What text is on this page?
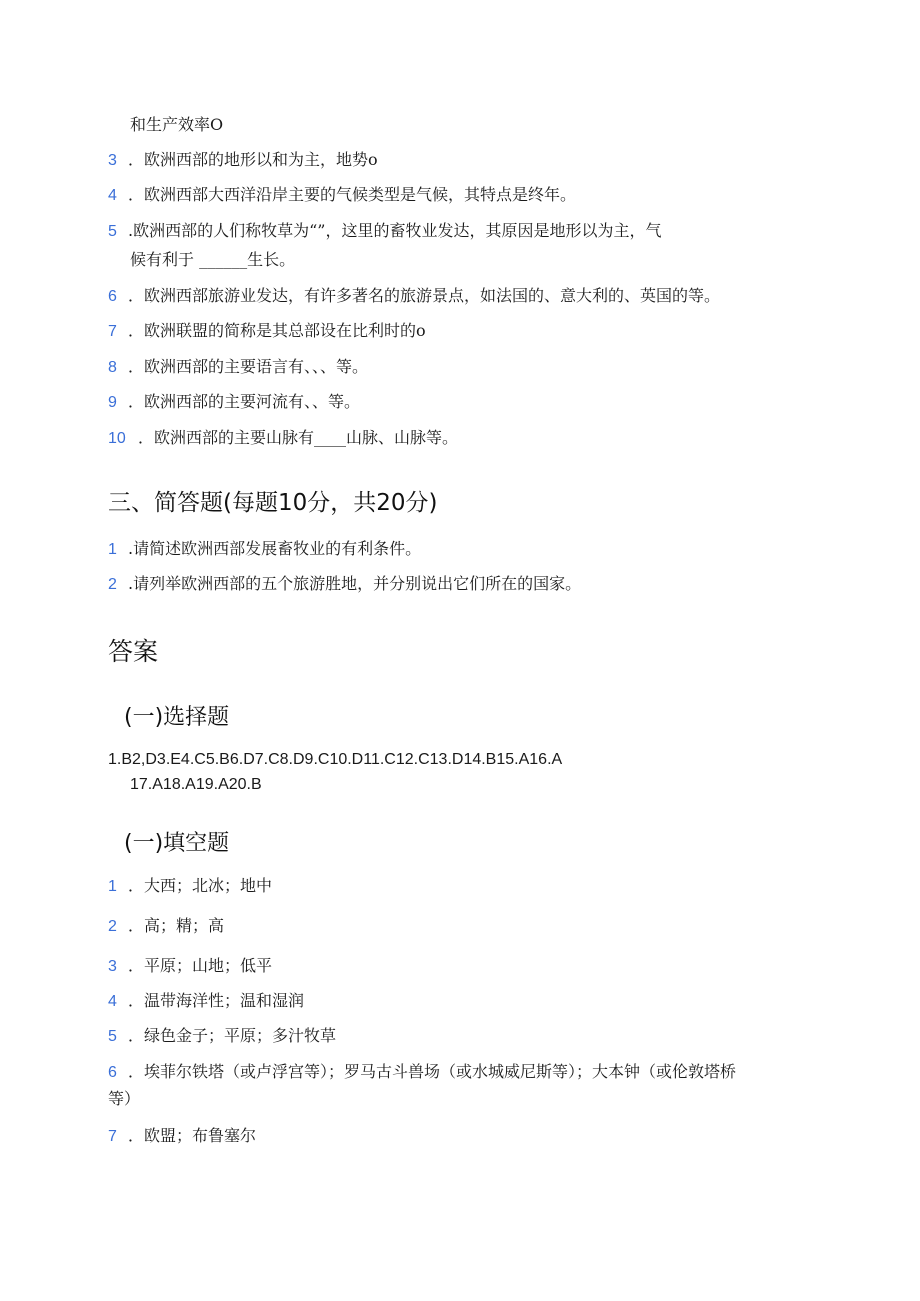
和生产效率O
3 ．欧洲西部的地形以和为主，地势o
4 ．欧洲西部大西洋沿岸主要的气候类型是气候，其特点是终年。
5 .欧洲西部的人们称牧草为“”，这里的畜牧业发达，其原因是地形以为主，气
候有利于 ______生长。
6 ．欧洲西部旅游业发达，有许多著名的旅游景点，如法国的、意大利的、英国的等。
7 ．欧洲联盟的简称是其总部设在比利时的o
8 ．欧洲西部的主要语言有、、、等。
9 ．欧洲西部的主要河流有、、等。
10 ．欧洲西部的主要山脉有____山脉、山脉等。
三、简答题(每题10分，共20分)
1 .请简述欧洲西部发展畜牧业的有利条件。
2 .请列举欧洲西部的五个旅游胜地，并分别说出它们所在的国家。
答案
(一)选择题
1.B2,D3.E4.C5.B6.D7.C8.D9.C10.D11.C12.C13.D14.B15.A16.A
17.A18.A19.A20.B
(一)填空题
1 ．大西；北冰；地中
2 ．高；精；高
3 ．平原；山地；低平
4 ．温带海洋性；温和湿润
5 ．绿色金子；平原；多汁牧草
6 ．埃菲尔铁塔（或卢浮宫等）；罗马古斗兽场（或水城威尼斯等）；大本钟（或伦敦塔桥
等）
7 ．欧盟；布鲁塞尔
